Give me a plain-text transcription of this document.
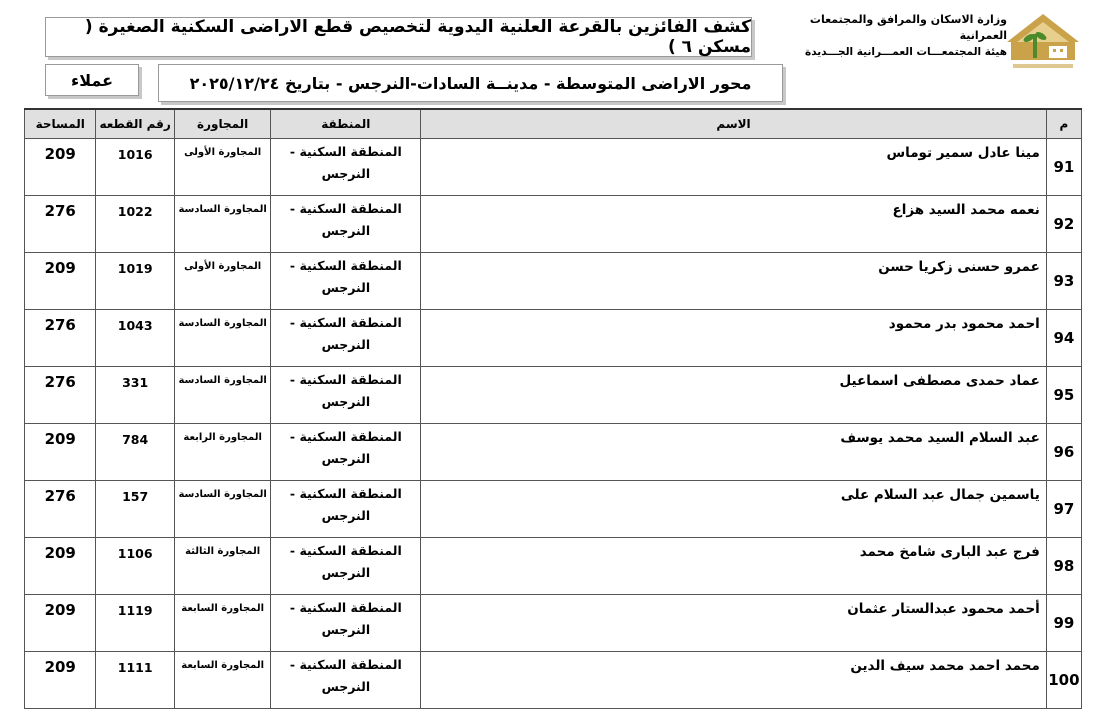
كشف الفائزين بالقرعة العلنية اليدوية لتخصيص قطع الاراضى السكنية الصغيرة ( مسكن ٦ )
وزارة الاسكان والمرافق والمجتمعات العمرانية
هيئة المجتمعـــات العمـــرانية الجـــديدة
محور الاراضى المتوسطة - مدينــة السادات-النرجس - بتاريخ ٢٠٢٥/١٢/٢٤
عملاء
م	الاسم	المنطقة	المجاورة	رقم القطعه	المساحة
91	مينا عادل سمير توماس	المنطقة السكنية - النرجس	المجاورة الأولى	1016	209
92	نعمه محمد السيد هزاع	المنطقة السكنية - النرجس	المجاورة السادسة	1022	276
93	عمرو حسنى زكريا حسن	المنطقة السكنية - النرجس	المجاورة الأولى	1019	209
94	احمد محمود بدر محمود	المنطقة السكنية - النرجس	المجاورة السادسة	1043	276
95	عماد حمدى مصطفى اسماعيل	المنطقة السكنية - النرجس	المجاورة السادسة	331	276
96	عبد السلام السيد محمد يوسف	المنطقة السكنية - النرجس	المجاورة الرابعة	784	209
97	ياسمين جمال عبد السلام على	المنطقة السكنية - النرجس	المجاورة السادسة	157	276
98	فرج عبد البارى شامخ محمد	المنطقة السكنية - النرجس	المجاورة الثالثة	1106	209
99	أحمد محمود عبدالستار عثمان	المنطقة السكنية - النرجس	المجاورة السابعة	1119	209
100	محمد احمد محمد سيف الدين	المنطقة السكنية - النرجس	المجاورة السابعة	1111	209
